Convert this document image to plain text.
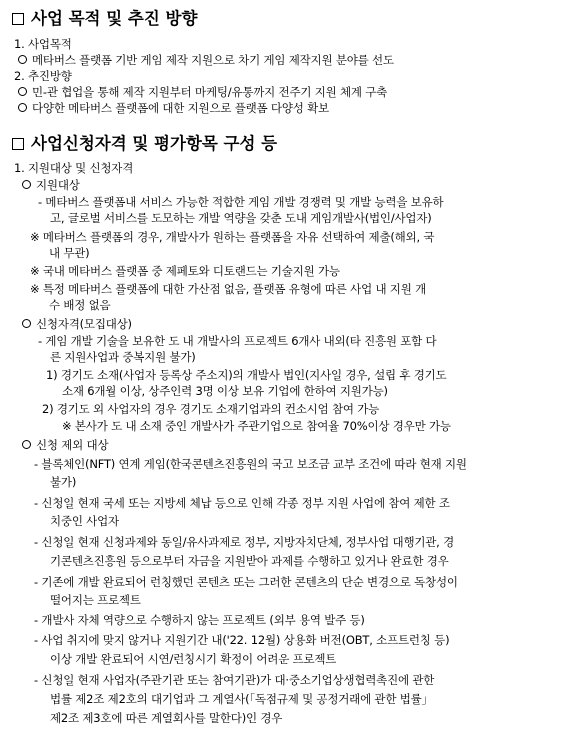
사업 목적 및 추진 방향
1. 사업목적
메타버스 플랫폼 기반 게임 제작 지원으로 차기 게임 제작지원 분야를 선도
2. 추진방향
민-관 협업을 통해 제작 지원부터 마케팅/유통까지 전주기 지원 체계 구축
다양한 메타버스 플랫폼에 대한 지원으로 플랫폼 다양성 확보
사업신청자격 및 평가항목 구성 등
1. 지원대상 및 신청자격
지원대상
- 메타버스 플랫폼내 서비스 가능한 적합한 게임 개발 경쟁력 및 개발 능력을 보유하
고, 글로벌 서비스를 도모하는 개발 역량을 갖춘 도내 게임개발사(법인/사업자)
※ 메타버스 플랫폼의 경우, 개발사가 원하는 플랫폼을 자유 선택하여 제출(해외, 국
내 무관)
※ 국내 메타버스 플랫폼 중 제페토와 디토랜드는 기술지원 가능
※ 특정 메타버스 플랫폼에 대한 가산점 없음, 플랫폼 유형에 따른 사업 내 지원 개
수 배정 없음
신청자격(모집대상)
- 게임 개발 기술을 보유한 도 내 개발사의 프로젝트 6개사 내외(타 진흥원 포함 다
른 지원사업과 중복지원 불가)
1) 경기도 소재(사업자 등록상 주소지)의 개발사 법인(지사일 경우, 설립 후 경기도
소재 6개월 이상, 상주인력 3명 이상 보유 기업에 한하여 지원가능)
2) 경기도 외 사업자의 경우 경기도 소재기업과의 컨소시엄 참여 가능
※ 본사가 도 내 소재 중인 개발사가 주관기업으로 참여율 70%이상 경우만 가능
신청 제외 대상
- 블록체인(NFT) 연계 게임(한국콘텐츠진흥원의 국고 보조금 교부 조건에 따라 현재 지원
불가)
- 신청일 현재 국세 또는 지방세 체납 등으로 인해 각종 정부 지원 사업에 참여 제한 조
치중인 사업자
- 신청일 현재 신청과제와 동일/유사과제로 정부, 지방자치단체, 정부사업 대행기관, 경
기콘텐츠진흥원 등으로부터 자금을 지원받아 과제를 수행하고 있거나 완료한 경우
- 기존에 개발 완료되어 런칭했던 콘텐츠 또는 그러한 콘텐츠의 단순 변경으로 독창성이
떨어지는 프로젝트
- 개발사 자체 역량으로 수행하지 않는 프로젝트 (외부 용역 발주 등)
- 사업 취지에 맞지 않거나 지원기간 내('22. 12월) 상용화 버전(OBT, 소프트런칭 등)
이상 개발 완료되어 시연/런칭시기 확정이 어려운 프로젝트
- 신청일 현재 사업자(주관기관 또는 참여기관)가 대·중소기업상생협력촉진에 관한
법률 제2조 제2호의 대기업과 그 계열사(「독점규제 및 공정거래에 관한 법률」
제2조 제3호에 따른 계열회사를 말한다)인 경우
